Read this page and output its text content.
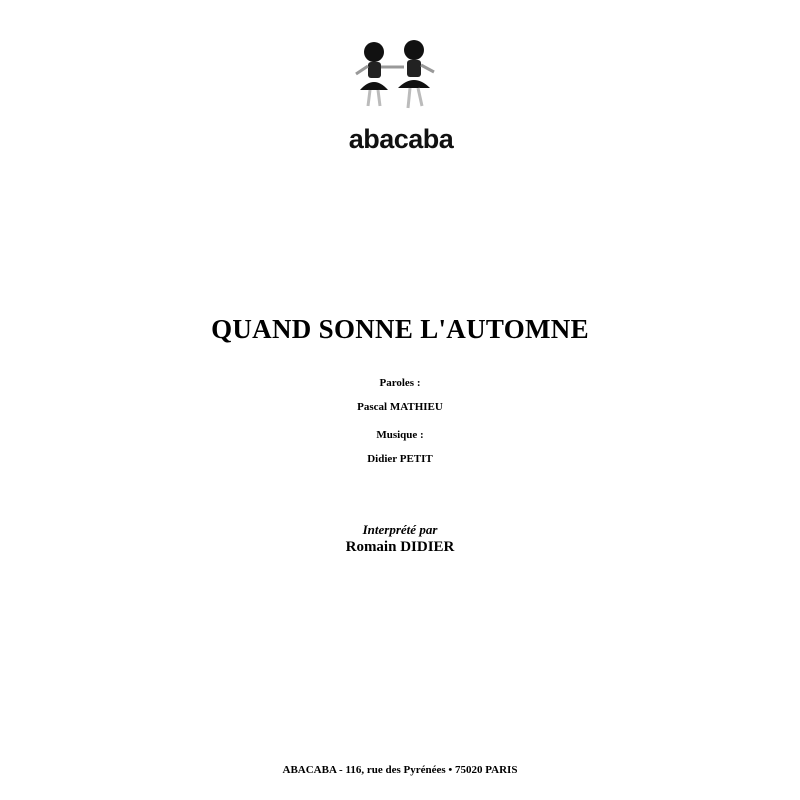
abacaba
QUAND SONNE L'AUTOMNE
Paroles :
Pascal MATHIEU
Musique :
Didier PETIT
Interprété par
Romain DIDIER
ABACABA - 116, rue des Pyrénées • 75020 PARIS
